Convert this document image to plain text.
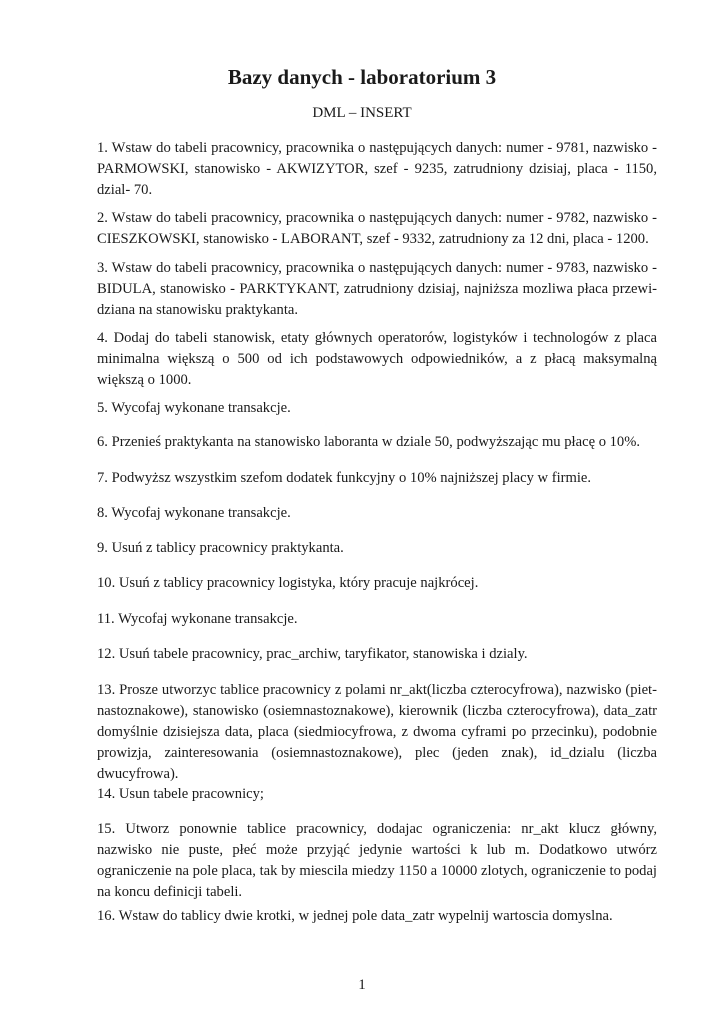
Bazy danych - laboratorium 3
DML – INSERT

1. Wstaw do tabeli pracownicy, pracownika o następujących danych: numer - 9781, nazwisko - PARMOWSKI, stanowisko - AKWIZYTOR, szef - 9235, zatrudniony dzisiaj, placa - 1150, dzial- 70.

2. Wstaw do tabeli pracownicy, pracownika o następujących danych: numer - 9782, nazwisko - CIESZKOWSKI, stanowisko - LABORANT, szef - 9332, zatrudniony za 12 dni, placa - 1200.

3. Wstaw do tabeli pracownicy, pracownika o następujących danych: numer - 9783, nazwisko - BIDULA, stanowisko - PARKTYKANT, zatrudniony dzisiaj, najniższa mozliwa płaca przewidziana na stanowisku praktykanta.

4. Dodaj do tabeli stanowisk, etaty głównych operatorów, logistyków i technologów z placa minimalna większą o 500 od ich podstawowych odpowiedników, a z płacą maksymalną większą o 1000.

5. Wycofaj wykonane transakcje.

6. Przenieś praktykanta na stanowisko laboranta w dziale 50, podwyższając mu płacę o 10%.

7. Podwyższ wszystkim szefom dodatek funkcyjny o 10% najniższej placy w firmie.

8. Wycofaj wykonane transakcje.

9. Usuń z tablicy pracownicy praktykanta.

10. Usuń z tablicy pracownicy logistyka, który pracuje najkrócej.

11. Wycofaj wykonane transakcje.

12. Usuń tabele pracownicy, prac_archiw, taryfikator, stanowiska i dzialy.

13. Prosze utworzyc tablice pracownicy z polami nr_akt(liczba czterocyfrowa), nazwisko (pietnastoznakowe), stanowisko (osiemnastoznakowe), kierownik (liczba czterocyfrowa), data_zatr domyślnie dzisiejsza data, placa (siedmiocyfrowa, z dwoma cyframi po przecinku), podobnie prowizja, zainteresowania (osiemnastoznakowe), plec (jeden znak), id_dzialu (liczba dwucyfrowa).

14. Usun tabele pracownicy;

15. Utworz ponownie tablice pracownicy, dodajac ograniczenia: nr_akt klucz główny, nazwisko nie puste, płeć może przyjąć jedynie wartości k lub m. Dodatkowo utwórz ograniczenie na pole placa, tak by miescila miedzy 1150 a 10000 zlotych, ograniczenie to podaj na koncu definicji tabeli.

16. Wstaw do tablicy dwie krotki, w jednej pole data_zatr wypelnij wartoscia domyslna.

1
